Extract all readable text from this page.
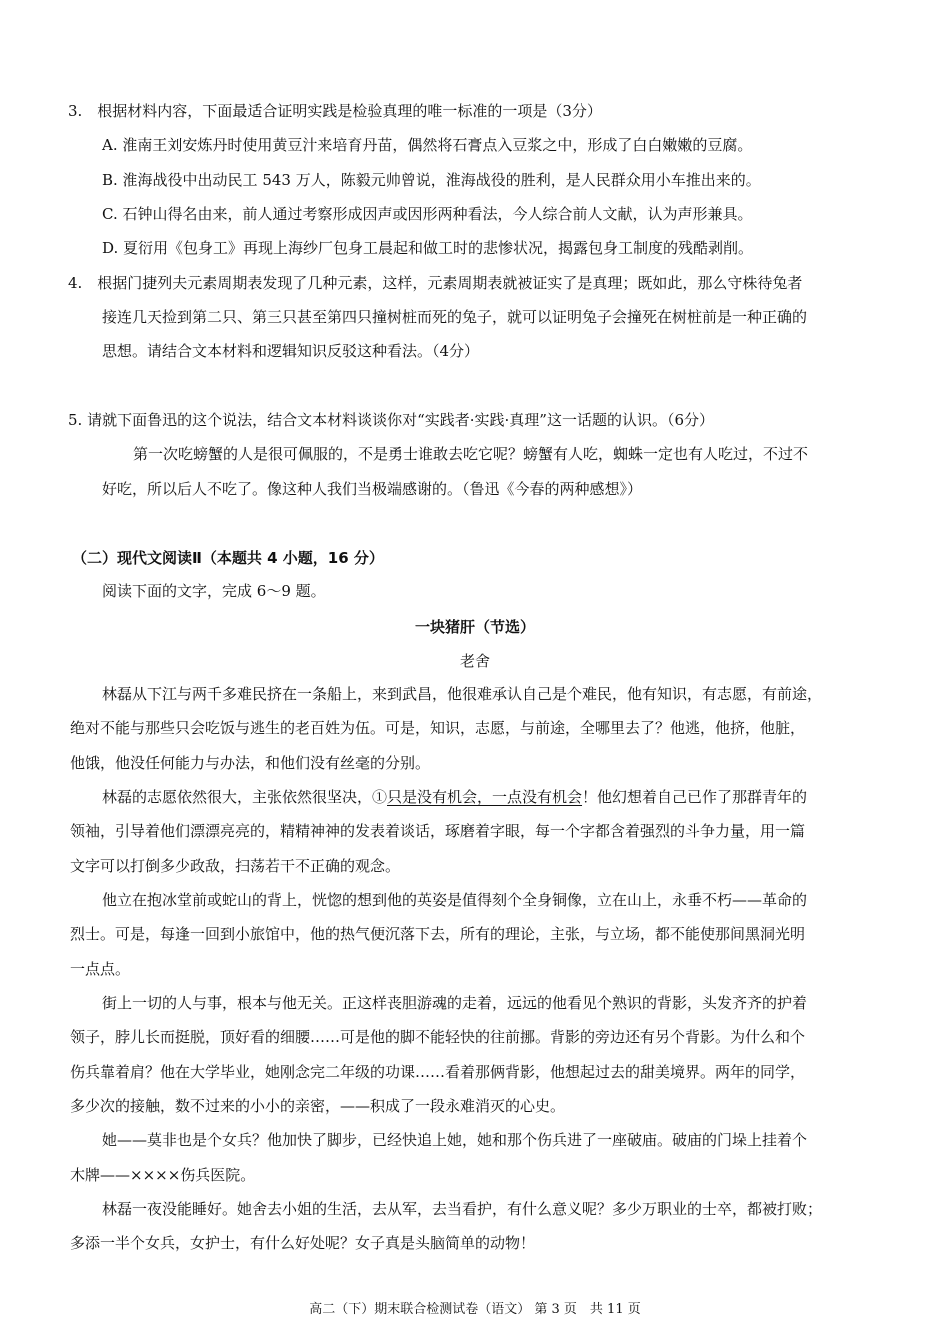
3.　根据材料内容，下面最适合证明实践是检验真理的唯一标准的一项是（3分）
A. 淮南王刘安炼丹时使用黄豆汁来培育丹苗，偶然将石膏点入豆浆之中，形成了白白嫩嫩的豆腐。
B. 淮海战役中出动民工 543 万人，陈毅元帅曾说，淮海战役的胜利，是人民群众用小车推出来的。
C. 石钟山得名由来，前人通过考察形成因声或因形两种看法，今人综合前人文献，认为声形兼具。
D. 夏衍用《包身工》再现上海纱厂包身工晨起和做工时的悲惨状况，揭露包身工制度的残酷剥削。
4.　根据门捷列夫元素周期表发现了几种元素，这样，元素周期表就被证实了是真理；既如此，那么守株待兔者
接连几天捡到第二只、第三只甚至第四只撞树桩而死的兔子，就可以证明兔子会撞死在树桩前是一种正确的
思想。请结合文本材料和逻辑知识反驳这种看法。（4分）
5. 请就下面鲁迅的这个说法，结合文本材料谈谈你对“实践者·实践·真理”这一话题的认识。（6分）
第一次吃螃蟹的人是很可佩服的，不是勇士谁敢去吃它呢？螃蟹有人吃，蜘蛛一定也有人吃过，不过不
好吃，所以后人不吃了。像这种人我们当极端感谢的。（鲁迅《今春的两种感想》）
（二）现代文阅读Ⅱ（本题共 4 小题，16 分）
阅读下面的文字，完成 6～9 题。
一块猪肝（节选）
老舍
林磊从下江与两千多难民挤在一条船上，来到武昌，他很难承认自己是个难民，他有知识，有志愿，有前途，
绝对不能与那些只会吃饭与逃生的老百姓为伍。可是，知识，志愿，与前途，全哪里去了？他逃，他挤，他脏，
他饿，他没任何能力与办法，和他们没有丝毫的分别。
林磊的志愿依然很大，主张依然很坚决，①只是没有机会，一点没有机会！他幻想着自己已作了那群青年的
领袖，引导着他们漂漂亮亮的，精精神神的发表着谈话，琢磨着字眼，每一个字都含着强烈的斗争力量，用一篇
文字可以打倒多少政敌，扫荡若干不正确的观念。
他立在抱冰堂前或蛇山的背上，恍惚的想到他的英姿是值得刻个全身铜像，立在山上，永垂不朽——革命的
烈士。可是，每逢一回到小旅馆中，他的热气便沉落下去，所有的理论，主张，与立场，都不能使那间黑洞光明
一点点。
街上一切的人与事，根本与他无关。正这样丧胆游魂的走着，远远的他看见个熟识的背影，头发齐齐的护着
领子，脖儿长而挺脱，顶好看的细腰……可是他的脚不能轻快的往前挪。背影的旁边还有另个背影。为什么和个
伤兵靠着肩？他在大学毕业，她刚念完二年级的功课……看着那俩背影，他想起过去的甜美境界。两年的同学，
多少次的接触，数不过来的小小的亲密，——积成了一段永难消灭的心史。
她——莫非也是个女兵？他加快了脚步，已经快追上她，她和那个伤兵进了一座破庙。破庙的门垛上挂着个
木牌——××××伤兵医院。
林磊一夜没能睡好。她舍去小姐的生活，去从军，去当看护，有什么意义呢？多少万职业的士卒，都被打败；
多添一半个女兵，女护士，有什么好处呢？女子真是头脑简单的动物！
高二（下）期末联合检测试卷（语文） 第 3 页　共 11 页
